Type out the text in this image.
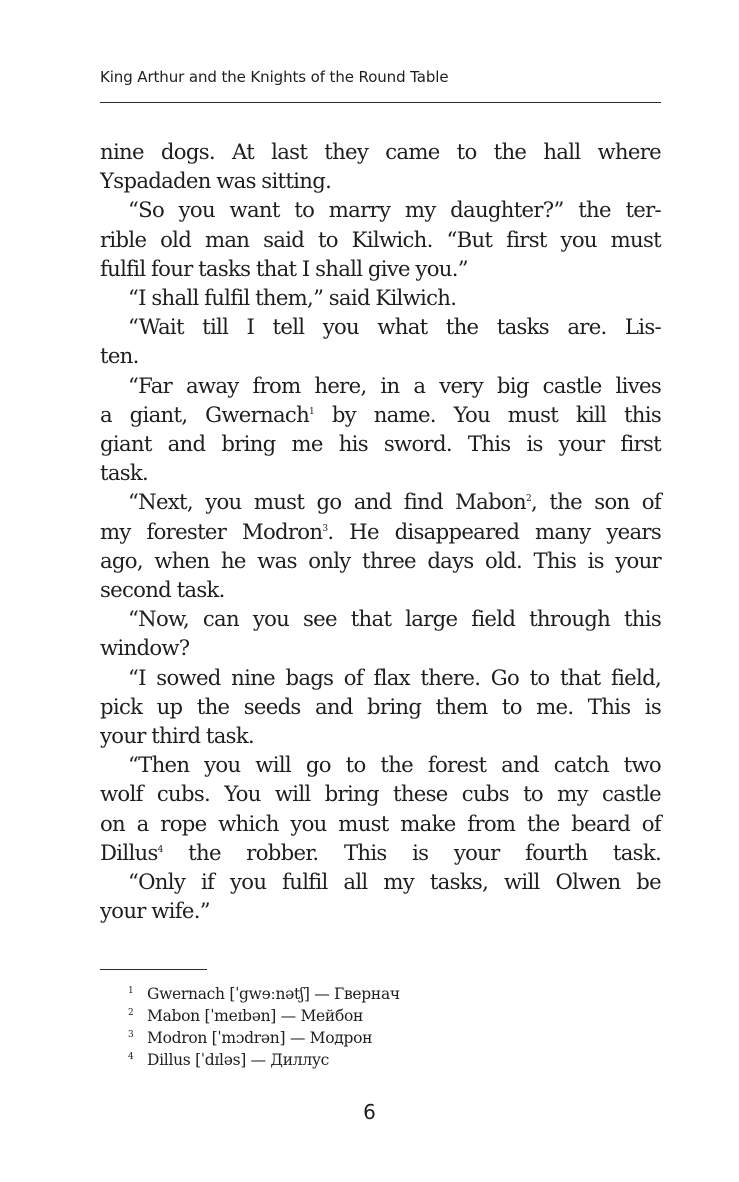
King Arthur and the Knights of the Round Table
nine dogs. At last they came to the hall where
Yspadaden was sitting.
“So you want to marry my daughter?” the ter-
rible old man said to Kilwich. “But first you must
fulfil four tasks that I shall give you.”
“I shall fulfil them,” said Kilwich.
“Wait till I tell you what the tasks are. Lis-
ten.
“Far away from here, in a very big castle lives
a giant, Gwernach$^1$ by name. You must kill this
giant and bring me his sword. This is your first
task.
“Next, you must go and find Mabon$^2$, the son of
my forester Modron$^3$. He disappeared many years
ago, when he was only three days old. This is your
second task.
“Now, can you see that large field through this
window?
“I sowed nine bags of flax there. Go to that field,
pick up the seeds and bring them to me. This is
your third task.
“Then you will go to the forest and catch two
wolf cubs. You will bring these cubs to my castle
on a rope which you must make from the beard of
Dillus$^4$ the robber. This is your fourth task.
“Only if you fulfil all my tasks, will Olwen be
your wife.”
1 Gwernach [ˈgwɘːnətʃ] — Гвернач
2 Mabon [ˈmeɪbən] — Мейбон
3 Modron [ˈmɔdrən] — Модрон
4 Dillus [ˈdɪləs] — Диллус
6
